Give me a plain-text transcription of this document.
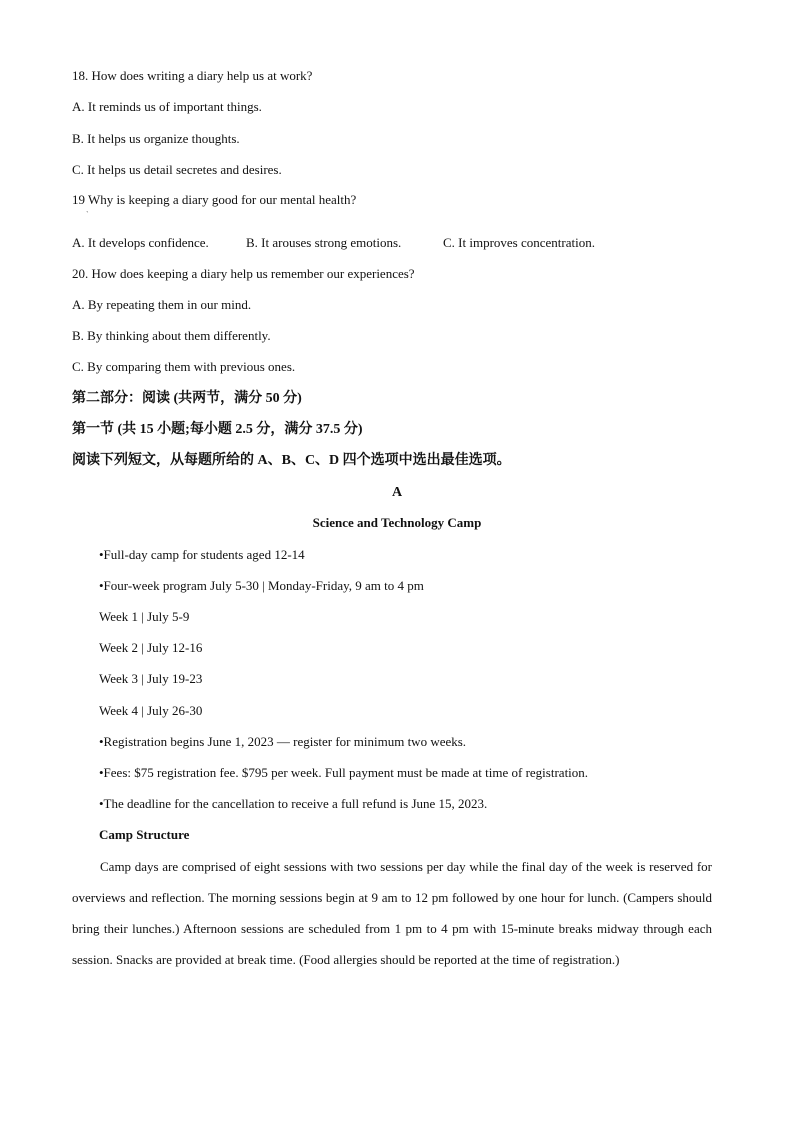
18. How does writing a diary help us at work?
A. It reminds us of important things.
B. It helps us organize thoughts.
C. It helps us detail secretes and desires.
19 Why is keeping a diary good for our mental health?
ˋ
A. It develops confidence.	B. It arouses strong emotions.	C. It improves concentration.
20. How does keeping a diary help us remember our experiences?
A. By repeating them in our mind.
B. By thinking about them differently.
C. By comparing them with previous ones.
第二部分：阅读 (共两节，满分 50 分)
第一节 (共 15 小题;每小题 2.5 分，满分 37.5 分)
阅读下列短文，从每题所给的 A、B、C、D 四个选项中选出最佳选项。
A
Science and Technology Camp
•Full-day camp for students aged 12-14
•Four-week program July 5-30 | Monday-Friday, 9 am to 4 pm
Week 1 | July 5-9
Week 2 | July 12-16
Week 3 | July 19-23
Week 4 | July 26-30
•Registration begins June 1, 2023 — register for minimum two weeks.
•Fees: $75 registration fee. $795 per week. Full payment must be made at time of registration.
•The deadline for the cancellation to receive a full refund is June 15, 2023.
Camp Structure
Camp days are comprised of eight sessions with two sessions per day while the final day of the week is reserved for overviews and reflection. The morning sessions begin at 9 am to 12 pm followed by one hour for lunch. (Campers should bring their lunches.) Afternoon sessions are scheduled from 1 pm to 4 pm with 15-minute breaks midway through each session. Snacks are provided at break time. (Food allergies should be reported at the time of registration.)
